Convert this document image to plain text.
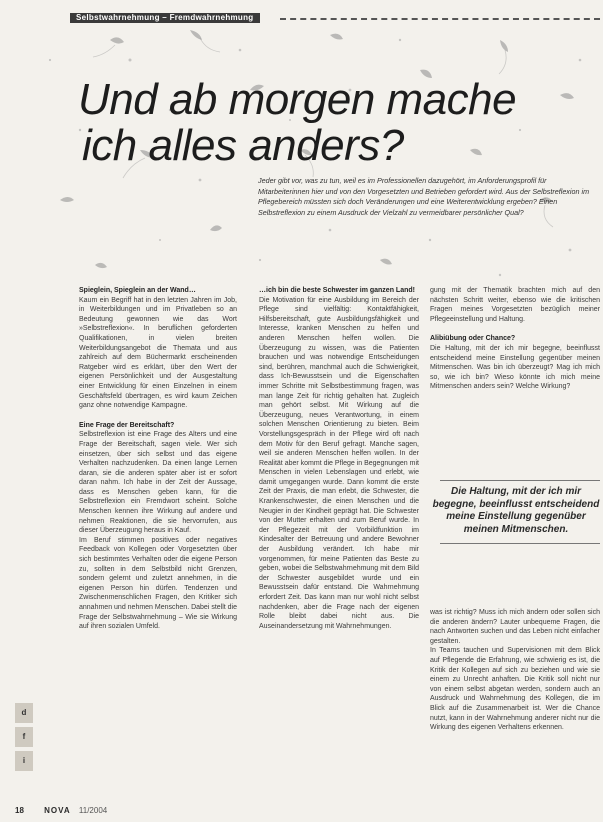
Selbstwahrnehmung – Fremdwahrnehmung
Und ab morgen mache
ich alles anders?
Jeder gibt vor, was zu tun, weil es im Professionellen dazugehört, im Anforderungsprofil für Mitarbeiterinnen hier und von den Vorgesetzten und Betrieben gefordert wird. Aus der Selbstreflexion im Pflegebereich müssten sich doch Veränderungen und eine Weiterentwicklung ergeben? Einen Selbstreflexion zu einem Ausdruck der Vielzahl zu vermeidbarer persönlicher Qual?

Spieglein, Spieglein an der Wand…

Kaum ein Begriff hat in den letzten Jahren im Job, in Weiterbildungen und im Privatleben so an Bedeutung gewonnen wie das Wort »Selbstreflexion«. In beruflichen geforderten Qualifikationen, in vielen breiten Weiterbildungsangebot die Themata und aus zahlreich auf dem Büchermarkt erscheinenden Ratgeber wird es erklärt, über den Wert der eigenen Persönlichkeit und der Ausgestaltung einer Entwicklung für einen Einzelnen in einem Geschäftsfeld übertragen, es wird kaum Zeichen ganz ohne notwendige Kampagne.

Eine Frage der Bereitschaft?

Selbstreflexion ist eine Frage des Alters und eine Frage der Bereitschaft, sagen viele. Wer sich einsetzen, über sich selbst und das eigene Verhalten nachzudenken. Da einen lange Lernen daran, sie die anderen später aber ist er sofort daran nahm. Ich habe in der Zeit der Aussage, dass es Menschen geben kann, für die Selbstreflexion ein Fremdwort scheint. Solche Menschen kennen ihre Wirkung auf andere und nehmen Reaktionen, die sie hervorrufen, aus dieser Überzeugung heraus in Kauf.

Im Beruf stimmen positives oder negatives Feedback von Kollegen oder Vorgesetzten über sich bestimmtes Verhalten oder die eigene Person zu, sollten in dem Selbstbild nicht Grenzen, sondern gelernt und zuletzt annehmen, in die eigenen Person hin dürfen. Tendenzen und Zwischenmenschlichen Fragen, den Kritiker sich annahmen und nehmen Menschen. Dabei stellt die Frage der Selbstwahrnehmung – Wie sie Wirkung auf ihren sozialen Umfeld.

…ich bin die beste Schwester im ganzen Land!

Die Motivation für eine Ausbildung im Bereich der Pflege sind vielfältig: Kontaktfähigkeit, Hilfsbereitschaft, gute Ausbildungsfähigkeit und Interesse, kranken Menschen zu helfen und anderen Menschen helfen wollen. Die Überzeugung zu wissen, was die Patienten brauchen und was notwendige Entscheidungen sind, berühren, manchmal auch die Schwierigkeit, dass Ich-Bewusstsein und die Eigenschaften immer Schritte mit Selbstbestimmung fragen, was man lange Zeit für richtig gehalten hat. Zugleich man gehört selbst. Mit Wirkung auf die Überzeugung, neues Verantwortung, in einem solchen Menschen Orientierung zu bieten. Beim Vorstellungsgespräch in der Pflege wird oft nach dem Motiv für den Beruf gefragt. Manche sagen, weil sie anderen Menschen helfen wollen. In der Realität aber kommt die Pflege in Begegnungen mit Menschen in vielen Lebenslagen und erlebt, wie damit umgegangen wurde. Dann kommt die erste Zeit der Praxis, die man erlebt, die Schwester, die Krankenschwester, die einen Menschen und die Neugier in der Kindheit geprägt hat. Die Schwester von der Mutter erhalten und zum Beruf wurde. In der Pflegezeit mit der Vorbildfunktion im Kindesalter der Betreuung und andere Bewohner der Ausbildung verändert. Ich habe mir vorgenommen, für meine Patienten das Beste zu geben, wobei die Selbstwahrnehmung mit dem Bild der Schwester ausgebildet wurde und ein Bewusstsein dafür entstand. Die Wahrnehmung erfordert Zeit. Das kann man nur wohl nicht selbst nachdenken, aber die Frage nach der eigenen Rolle bleibt dabei nicht aus. Die Auseinandersetzung mit Wahrnehmungen.

gung mit der Thematik brachten mich auf den nächsten Schritt weiter, ebenso wie die kritischen Fragen meines Vorgesetzten bezüglich meiner Pflegeeinstellung und Haltung.

Alibiübung oder Chance?

Die Haltung, mit der ich mir begegne, beeinflusst entscheidend meine Einstellung gegenüber meinen Mitmenschen. Was bin ich überzeugt? Mag ich mich so, wie ich bin? Wieso könnte ich mich meine Mitmenschen anders sein? Welche Wirkung?

Die Haltung, mit der ich mir begegne, beeinflusst entscheidend meine Einstellung gegenüber meinen Mitmenschen.

was ist richtig? Muss ich mich ändern oder sollen sich die anderen ändern? Lauter unbequeme Fragen, die nach Antworten suchen und das Leben nicht einfacher gestalten.

In Teams tauchen und Supervisionen mit dem Blick auf Pflegende die Erfahrung, wie schwierig es ist, die Kritik der Kollegen auf sich zu beziehen und wie sie einem zu Unrecht anhaften. Die Kritik soll nicht nur von einem selbst abgetan werden, sondern auch an Ausdruck und Wahrnehmung des Kollegen, die im Blick auf die Zusammenarbeit ist. Wer die Chance nutzt, kann in der Wahrnehmung anderer nicht nur die Wirkung des eigenen Verhaltens erkennen.

d
f
i
18	NOVA 11/2004
